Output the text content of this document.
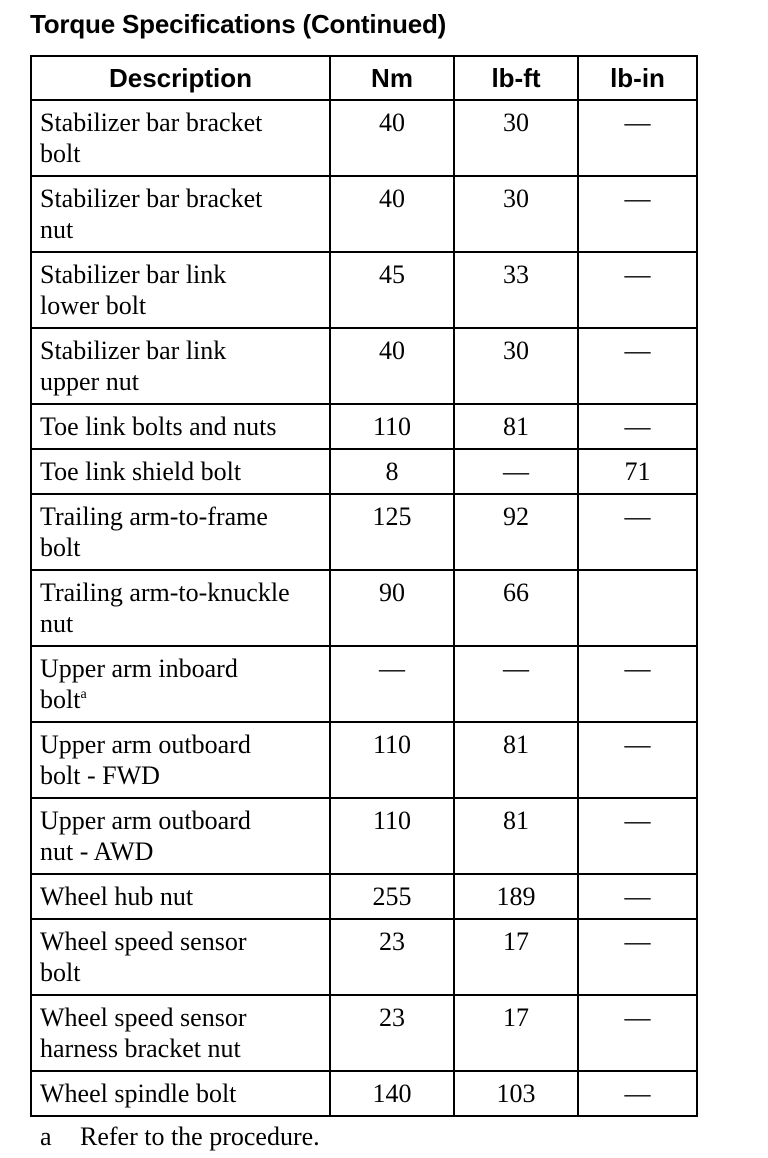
Torque Specifications (Continued)
Description	Nm	lb-ft	lb-in

Stabilizer bar bracket
bolt	40	30	—

Stabilizer bar bracket
nut	40	30	—

Stabilizer bar link
lower bolt	45	33	—

Stabilizer bar link
upper nut	40	30	—

Toe link bolts and nuts	110	81	—

Toe link shield bolt	8	—	71

Trailing arm-to-frame
bolt	125	92	—

Trailing arm-to-knuckle
nut	90	66	

Upper arm inboard
bolt$^a$	—	—	—

Upper arm outboard
bolt - FWD	110	81	—

Upper arm outboard
nut - AWD	110	81	—

Wheel hub nut	255	189	—

Wheel speed sensor
bolt	23	17	—

Wheel speed sensor
harness bracket nut	23	17	—

Wheel spindle bolt	140	103	—
a Refer to the procedure.
